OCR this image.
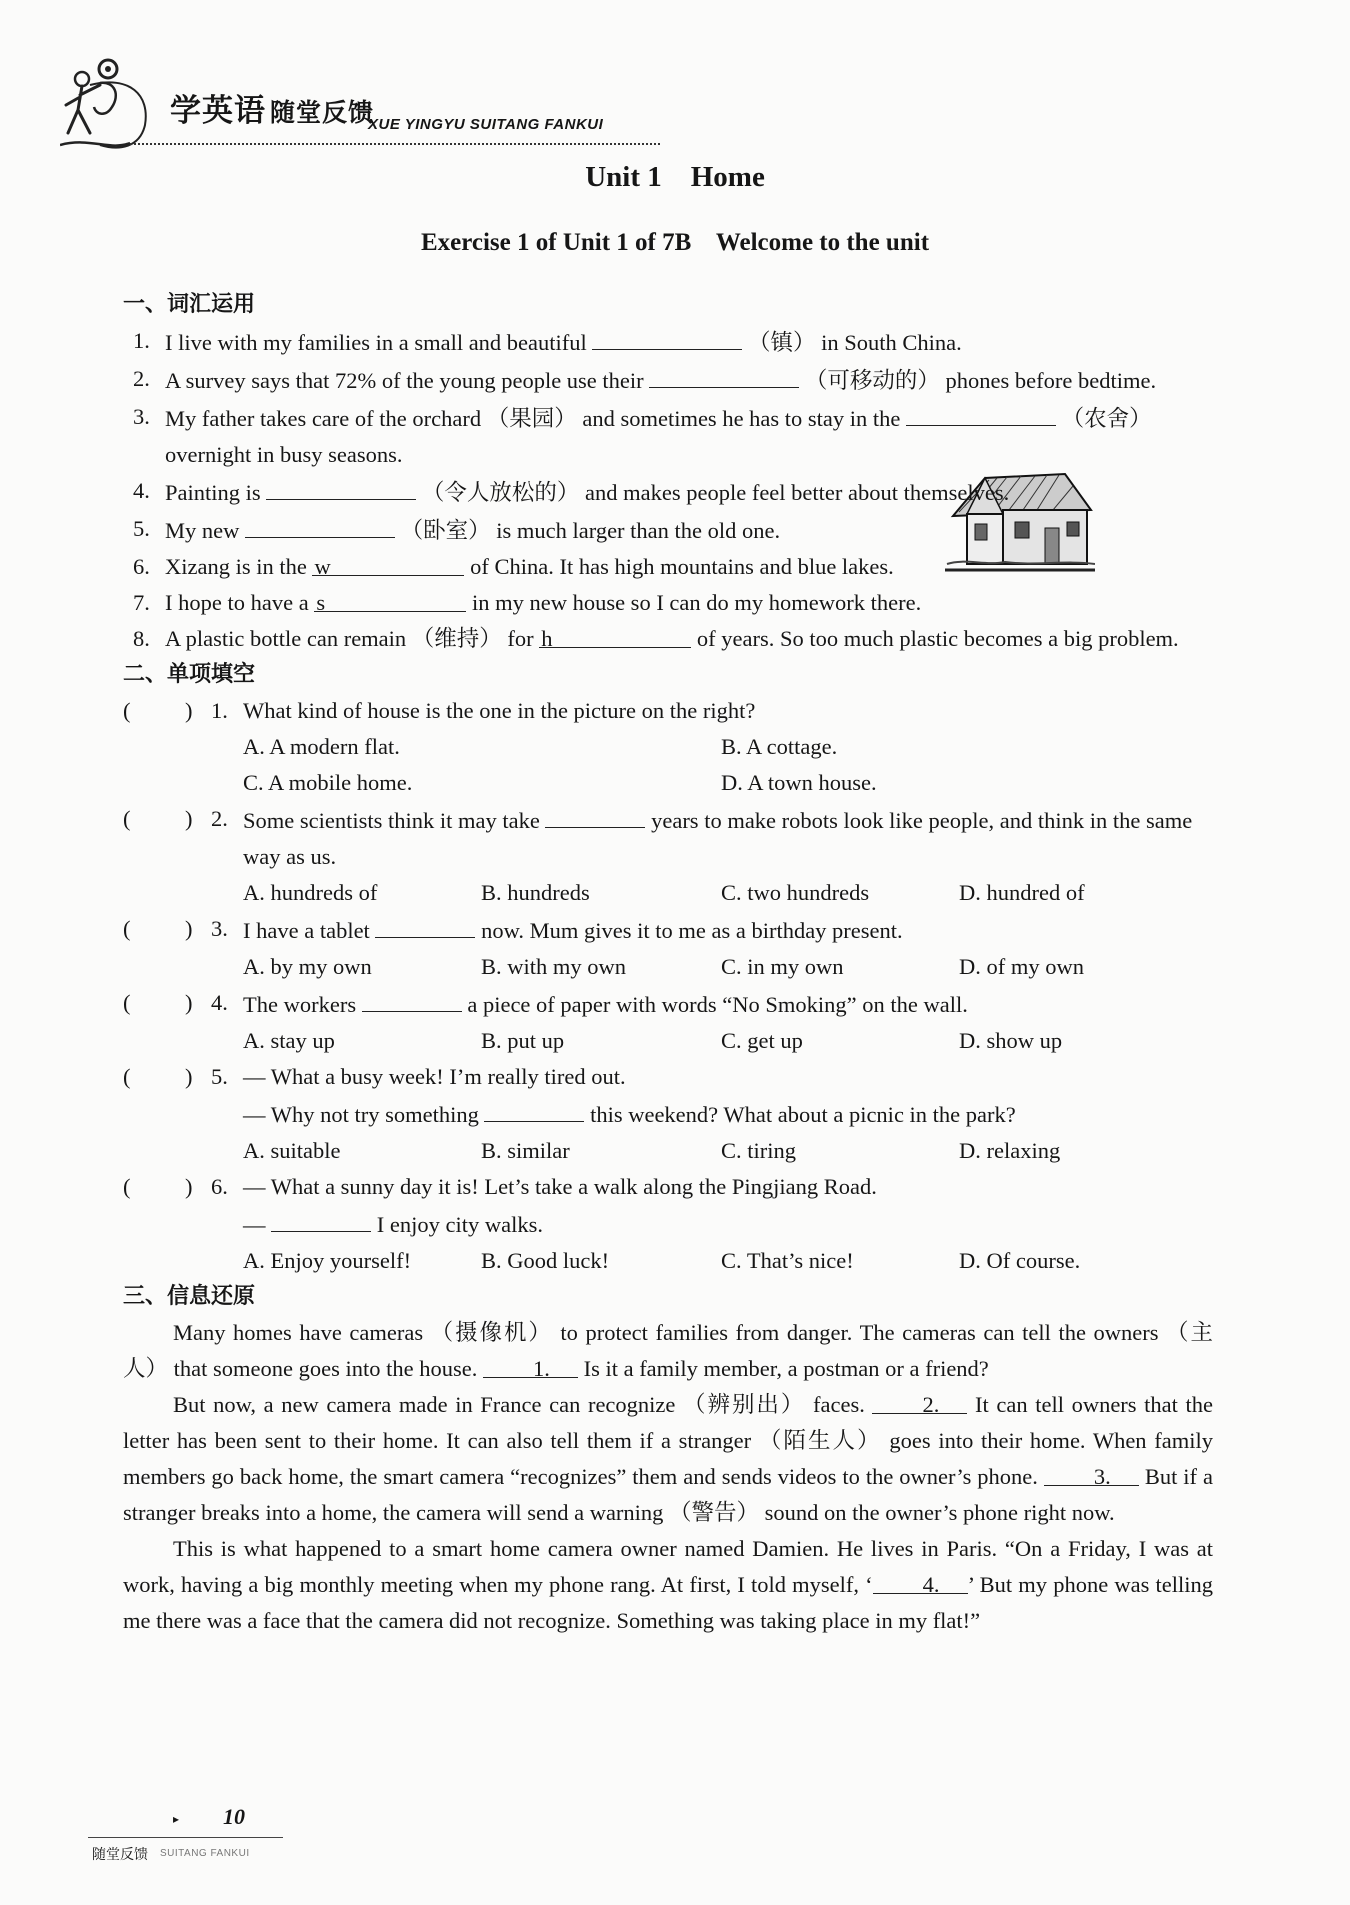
学英语 随堂反馈
XUE YINGYU SUITANG FANKUI
Unit 1    Home
Exercise 1 of Unit 1 of 7B    Welcome to the unit
一、词汇运用
1. I live with my families in a small and beautiful	（镇） in South China.
2. A survey says that 72% of the young people use their	（可移动的） phones before bedtime.
3. My father takes care of the orchard （果园） and sometimes he has to stay in the	（农舍） overnight in busy seasons.
4. Painting is	（令人放松的） and makes people feel better about themselves.
5. My new	（卧室） is much larger than the old one.
6. Xizang is in the w	of China. It has high mountains and blue lakes.
7. I hope to have a s	in my new house so I can do my homework there.
8. A plastic bottle can remain （维持） for h	of years. So too much plastic becomes a big problem.
二、单项填空
( ) 1. What kind of house is the one in the picture on the right?
A. A modern flat.	B. A cottage.
C. A mobile home.	D. A town house.
( ) 2. Some scientists think it may take	years to make robots look like people, and think in the same way as us.
A. hundreds of	B. hundreds	C. two hundreds	D. hundred of
( ) 3. I have a tablet	now. Mum gives it to me as a birthday present.
A. by my own	B. with my own	C. in my own	D. of my own
( ) 4. The workers	a piece of paper with words “No Smoking” on the wall.
A. stay up	B. put up	C. get up	D. show up
( ) 5. — What a busy week! I’m really tired out.
— Why not try something	this weekend? What about a picnic in the park?
A. suitable	B. similar	C. tiring	D. relaxing
( ) 6. — What a sunny day it is! Let’s take a walk along the Pingjiang Road.
—	I enjoy city walks.
A. Enjoy yourself!	B. Good luck!	C. That’s nice!	D. Of course.
三、信息还原
Many homes have cameras （摄像机） to protect families from danger. The cameras can tell the owners （主人） that someone goes into the house. 1. Is it a family member, a postman or a friend?
But now, a new camera made in France can recognize （辨别出） faces. 2. It can tell owners that the letter has been sent to their home. It can also tell them if a stranger （陌生人） goes into their home. When family members go back home, the smart camera “recognizes” them and sends videos to the owner’s phone. 3. But if a stranger breaks into a home, the camera will send a warning （警告） sound on the owner’s phone right now.
This is what happened to a smart home camera owner named Damien. He lives in Paris. “On a Friday, I was at work, having a big monthly meeting when my phone rang. At first, I told myself, ‘ 4. ’ But my phone was telling me there was a face that the camera did not recognize. Something was taking place in my flat!”
▸ 10
随堂反馈 SUITANG FANKUI
